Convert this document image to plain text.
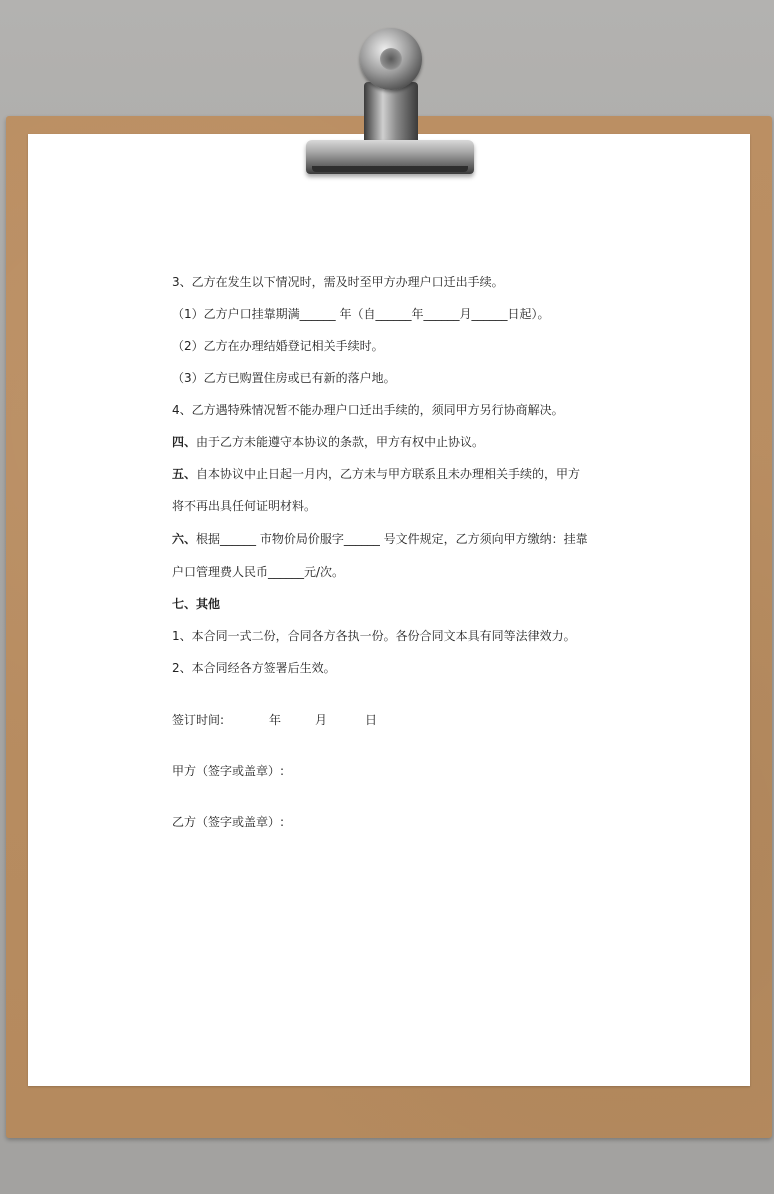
3、乙方在发生以下情况时，需及时至甲方办理户口迁出手续。
（1）乙方户口挂靠期满______ 年（自______年______月______日起）。
（2）乙方在办理结婚登记相关手续时。
（3）乙方已购置住房或已有新的落户地。
4、乙方遇特殊情况暂不能办理户口迁出手续的，须同甲方另行协商解决。
四、由于乙方未能遵守本协议的条款，甲方有权中止协议。
五、自本协议中止日起一月内，乙方未与甲方联系且未办理相关手续的，甲方
将不再出具任何证明材料。
六、根据______ 市物价局价服字______ 号文件规定，乙方须向甲方缴纳：挂靠
户口管理费人民币______元/次。
七、其他
1、本合同一式二份，合同各方各执一份。各份合同文本具有同等法律效力。
2、本合同经各方签署后生效。
签订时间:	年	月	日
甲方（签字或盖章）:
乙方（签字或盖章）:
